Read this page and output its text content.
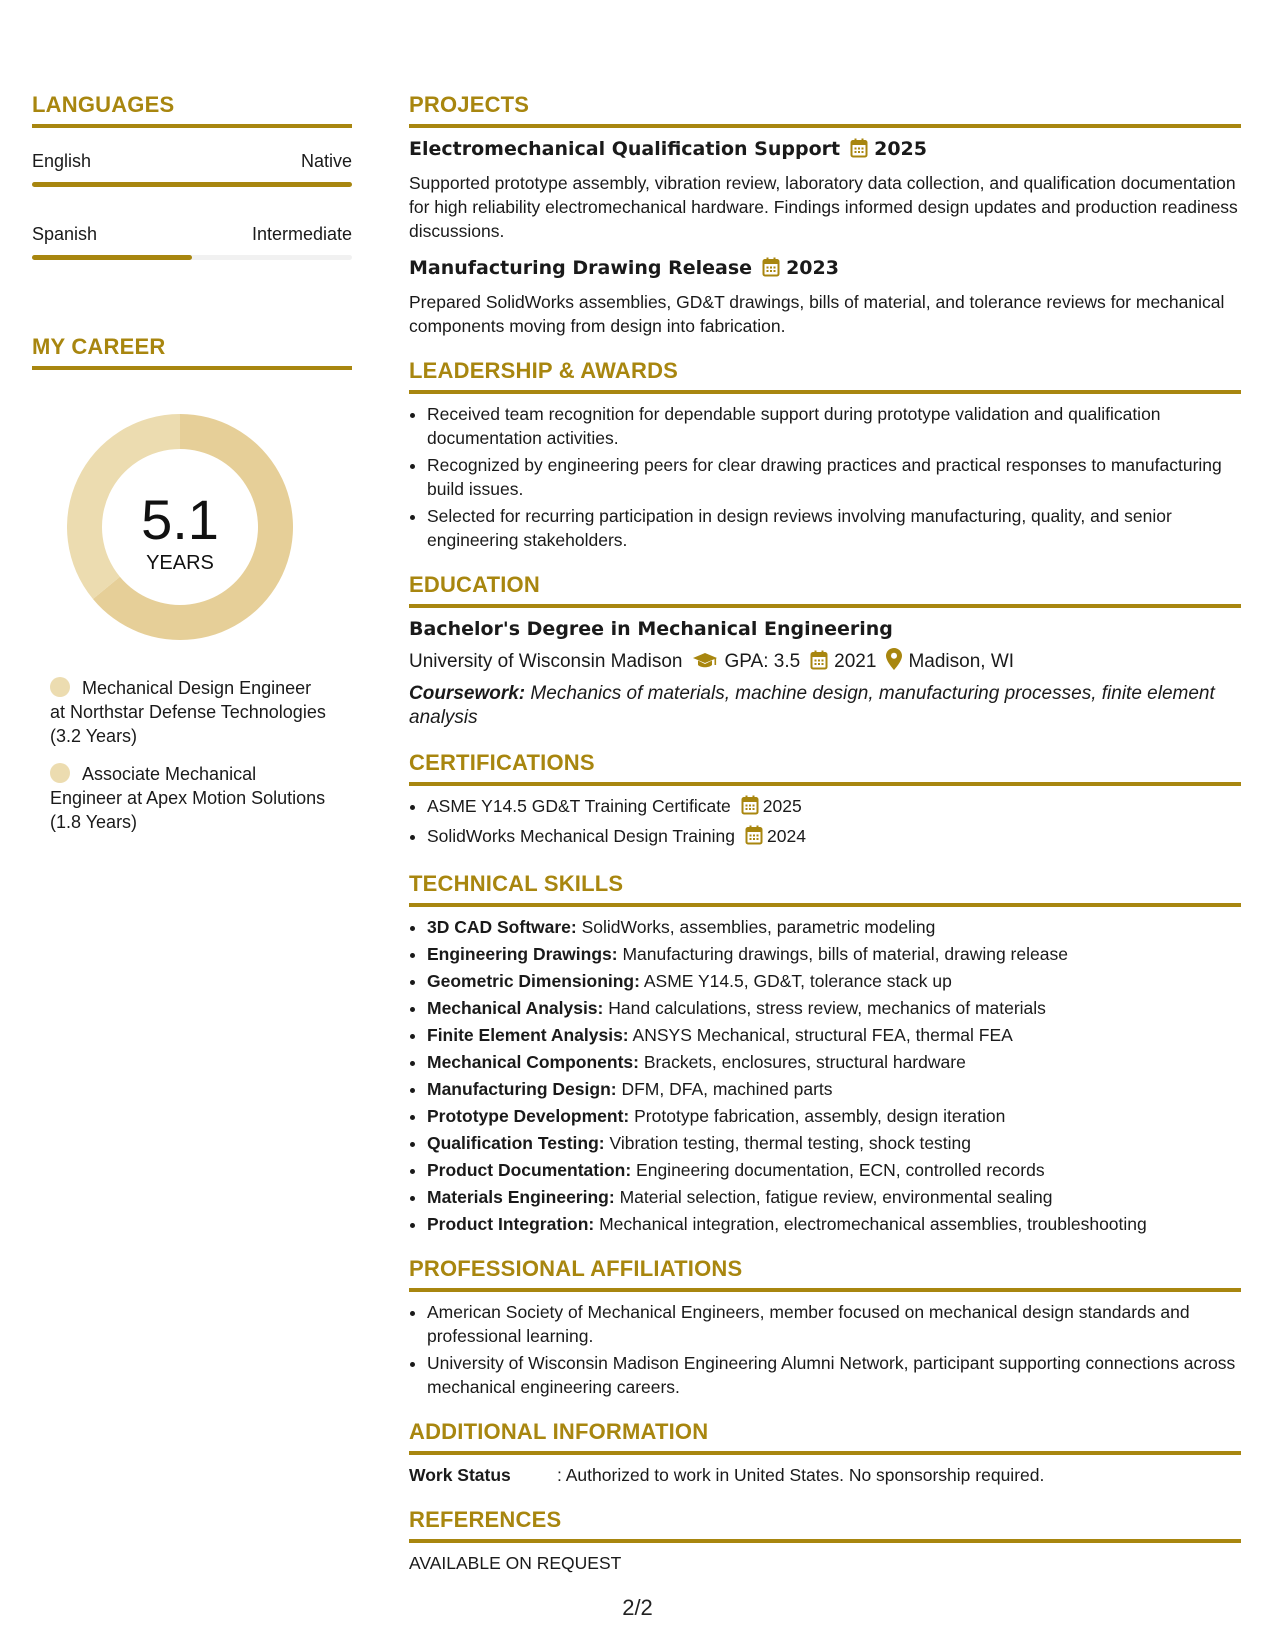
LANGUAGES
English	Native
Spanish	Intermediate
MY CAREER
5.1
YEARS
Mechanical Design Engineer at Northstar Defense Technologies (3.2 Years)
Associate Mechanical Engineer at Apex Motion Solutions (1.8 Years)
PROJECTS
Electromechanical Qualification Support 2025
Supported prototype assembly, vibration review, laboratory data collection, and qualification documentation for high reliability electromechanical hardware. Findings informed design updates and production readiness discussions.
Manufacturing Drawing Release 2023
Prepared SolidWorks assemblies, GD&T drawings, bills of material, and tolerance reviews for mechanical components moving from design into fabrication.
LEADERSHIP & AWARDS
• Received team recognition for dependable support during prototype validation and qualification documentation activities.
• Recognized by engineering peers for clear drawing practices and practical responses to manufacturing build issues.
• Selected for recurring participation in design reviews involving manufacturing, quality, and senior engineering stakeholders.
EDUCATION
Bachelor's Degree in Mechanical Engineering
University of Wisconsin Madison GPA: 3.5 2021 Madison, WI
Coursework: Mechanics of materials, machine design, manufacturing processes, finite element analysis
CERTIFICATIONS
• ASME Y14.5 GD&T Training Certificate 2025
• SolidWorks Mechanical Design Training 2024
TECHNICAL SKILLS
• 3D CAD Software: SolidWorks, assemblies, parametric modeling
• Engineering Drawings: Manufacturing drawings, bills of material, drawing release
• Geometric Dimensioning: ASME Y14.5, GD&T, tolerance stack up
• Mechanical Analysis: Hand calculations, stress review, mechanics of materials
• Finite Element Analysis: ANSYS Mechanical, structural FEA, thermal FEA
• Mechanical Components: Brackets, enclosures, structural hardware
• Manufacturing Design: DFM, DFA, machined parts
• Prototype Development: Prototype fabrication, assembly, design iteration
• Qualification Testing: Vibration testing, thermal testing, shock testing
• Product Documentation: Engineering documentation, ECN, controlled records
• Materials Engineering: Material selection, fatigue review, environmental sealing
• Product Integration: Mechanical integration, electromechanical assemblies, troubleshooting
PROFESSIONAL AFFILIATIONS
• American Society of Mechanical Engineers, member focused on mechanical design standards and professional learning.
• University of Wisconsin Madison Engineering Alumni Network, participant supporting connections across mechanical engineering careers.
ADDITIONAL INFORMATION
Work Status	: Authorized to work in United States. No sponsorship required.
REFERENCES
AVAILABLE ON REQUEST
2/2
